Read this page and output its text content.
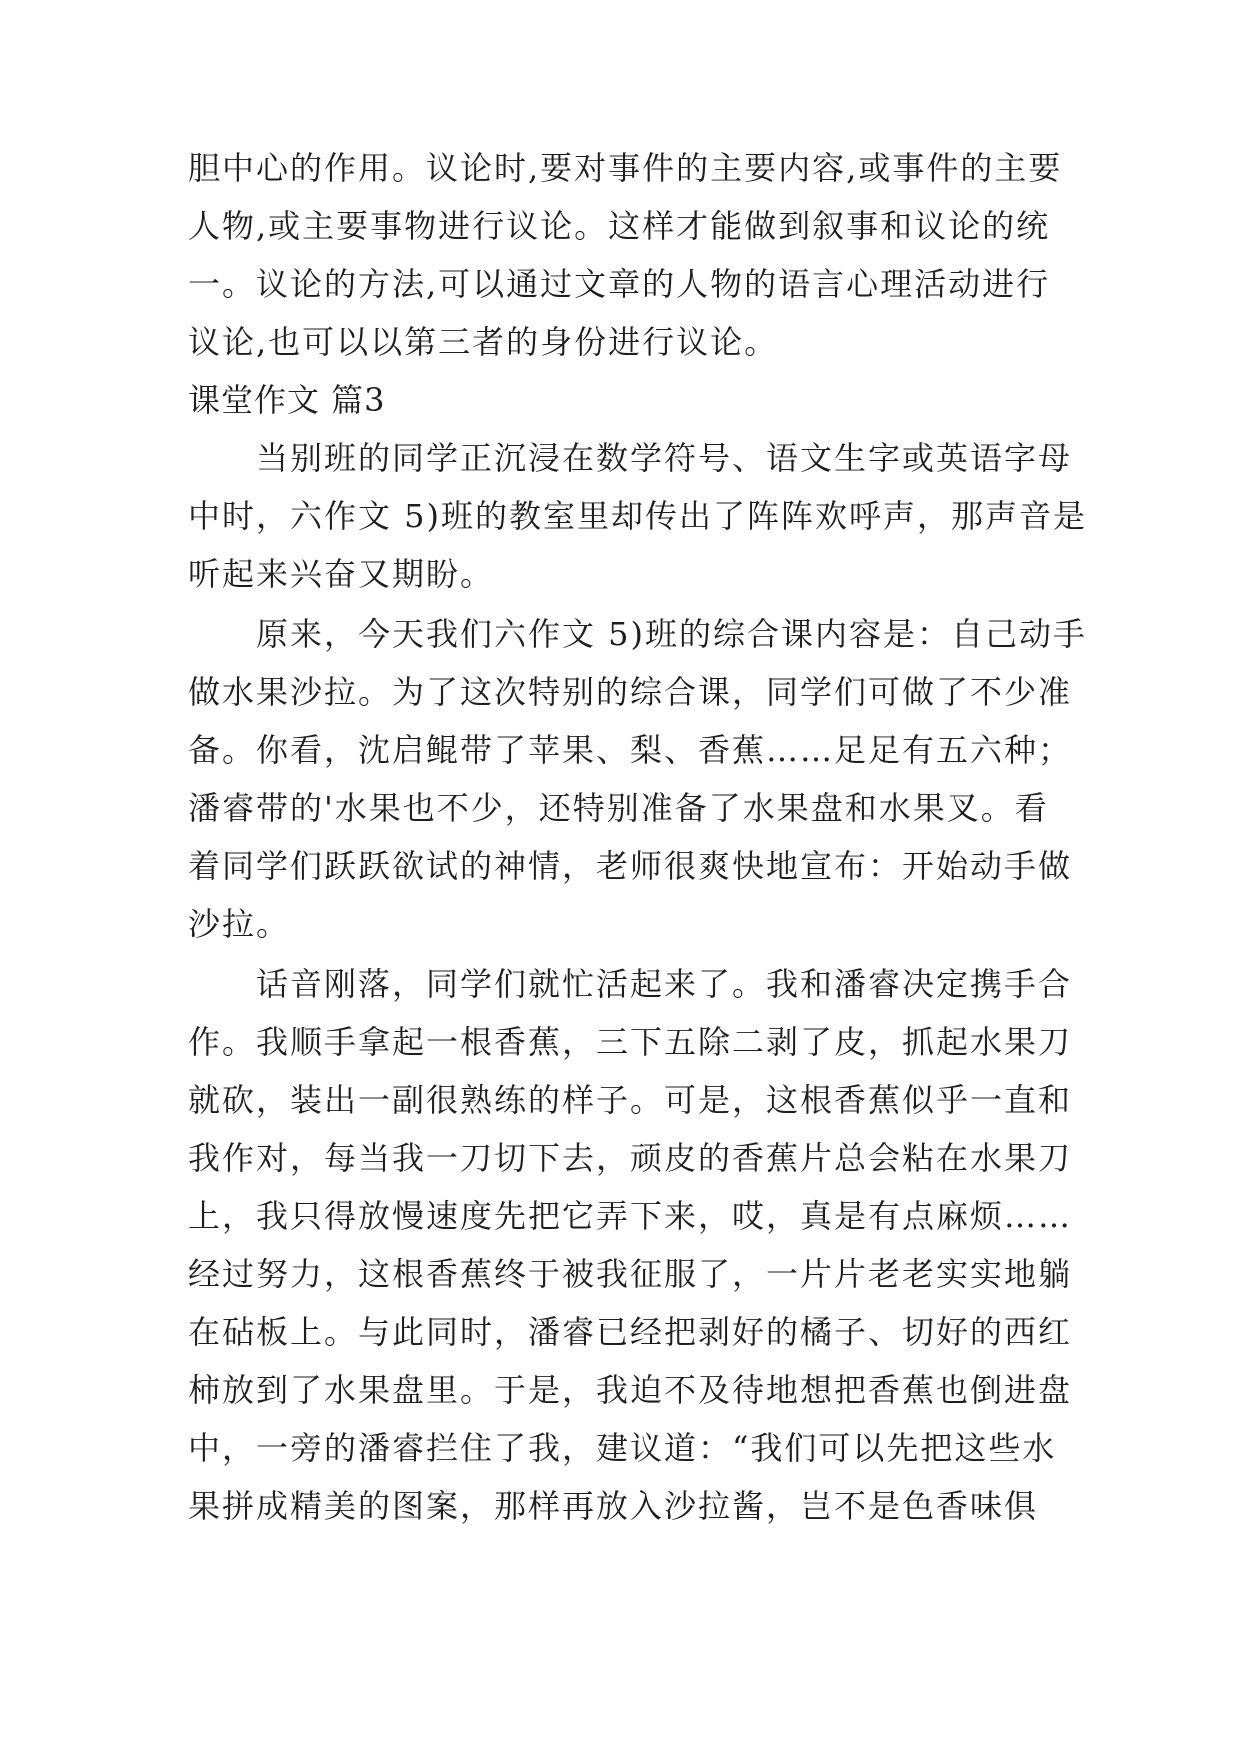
胆中心的作用。议论时,要对事件的主要内容,或事件的主要
人物,或主要事物进行议论。这样才能做到叙事和议论的统
一。议论的方法,可以通过文章的人物的语言心理活动进行
议论,也可以以第三者的身份进行议论。
课堂作文 篇3
当别班的同学正沉浸在数学符号、语文生字或英语字母
中时，六作文 5)班的教室里却传出了阵阵欢呼声，那声音是
听起来兴奋又期盼。
原来，今天我们六作文 5)班的综合课内容是：自己动手
做水果沙拉。为了这次特别的综合课，同学们可做了不少准
备。你看，沈启鲲带了苹果、梨、香蕉……足足有五六种；
潘睿带的'水果也不少，还特别准备了水果盘和水果叉。看
着同学们跃跃欲试的神情，老师很爽快地宣布：开始动手做
沙拉。
话音刚落，同学们就忙活起来了。我和潘睿决定携手合
作。我顺手拿起一根香蕉，三下五除二剥了皮，抓起水果刀
就砍，装出一副很熟练的样子。可是，这根香蕉似乎一直和
我作对，每当我一刀切下去，顽皮的香蕉片总会粘在水果刀
上，我只得放慢速度先把它弄下来，哎，真是有点麻烦……
经过努力，这根香蕉终于被我征服了，一片片老老实实地躺
在砧板上。与此同时，潘睿已经把剥好的橘子、切好的西红
柿放到了水果盘里。于是，我迫不及待地想把香蕉也倒进盘
中，一旁的潘睿拦住了我，建议道：“我们可以先把这些水
果拼成精美的图案，那样再放入沙拉酱，岂不是色香味俱
